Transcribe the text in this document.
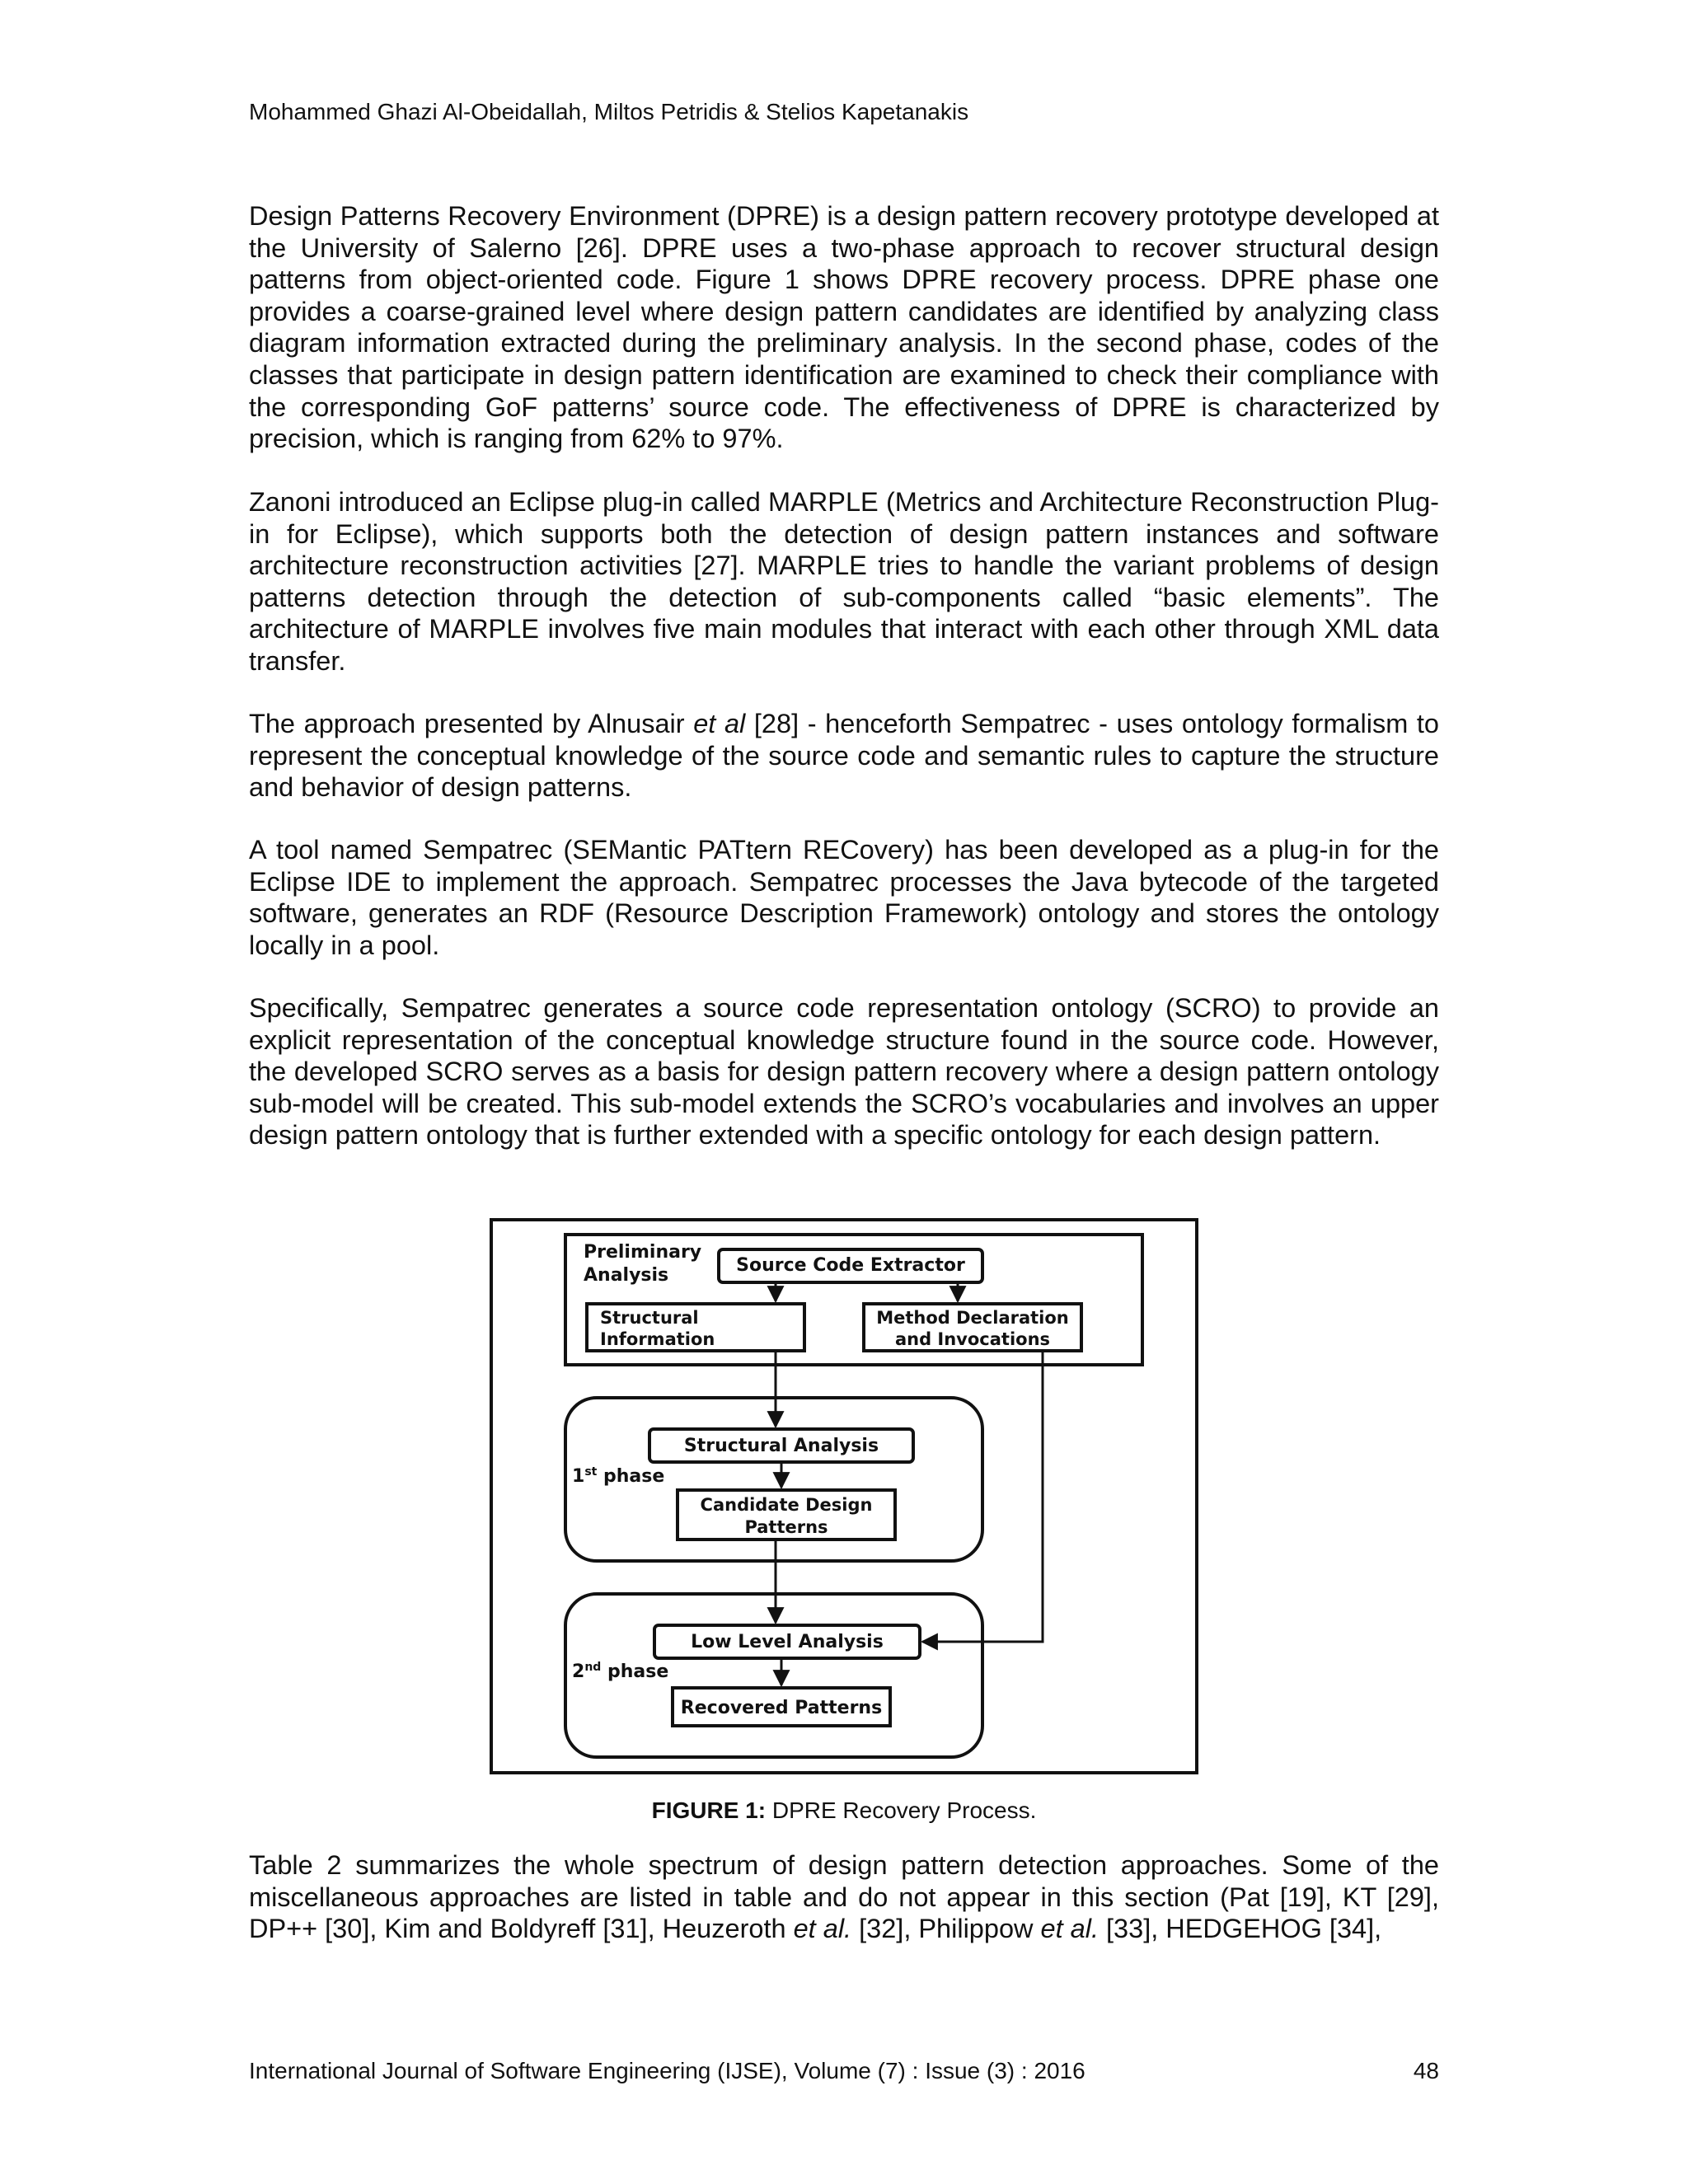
Mohammed Ghazi Al-Obeidallah, Miltos Petridis & Stelios Kapetanakis

Design Patterns Recovery Environment (DPRE) is a design pattern recovery prototype developed at the University of Salerno [26]. DPRE uses a two-phase approach to recover structural design patterns from object-oriented code. Figure 1 shows DPRE recovery process. DPRE phase one provides a coarse-grained level where design pattern candidates are identified by analyzing class diagram information extracted during the preliminary analysis. In the second phase, codes of the classes that participate in design pattern identification are examined to check their compliance with the corresponding GoF patterns’ source code. The effectiveness of DPRE is characterized by precision, which is ranging from 62% to 97%.

Zanoni introduced an Eclipse plug-in called MARPLE (Metrics and Architecture Reconstruction Plug-in for Eclipse), which supports both the detection of design pattern instances and software architecture reconstruction activities [27]. MARPLE tries to handle the variant problems of design patterns detection through the detection of sub-components called “basic elements”. The architecture of MARPLE involves five main modules that interact with each other through XML data transfer.

The approach presented by Alnusair et al [28] - henceforth Sempatrec - uses ontology formalism to represent the conceptual knowledge of the source code and semantic rules to capture the structure and behavior of design patterns.

A tool named Sempatrec (SEMantic PATtern RECovery) has been developed as a plug-in for the Eclipse IDE to implement the approach. Sempatrec processes the Java bytecode of the targeted software, generates an RDF (Resource Description Framework) ontology and stores the ontology locally in a pool.

Specifically, Sempatrec generates a source code representation ontology (SCRO) to provide an explicit representation of the conceptual knowledge structure found in the source code. However, the developed SCRO serves as a basis for design pattern recovery where a design pattern ontology sub-model will be created. This sub-model extends the SCRO’s vocabularies and involves an upper design pattern ontology that is further extended with a specific ontology for each design pattern.

Preliminary
Analysis	Source Code Extractor
Structural
Information
Method Declaration
and Invocations
1st phase
Structural Analysis
Candidate Design
Patterns
2nd phase
Low Level Analysis
Recovered Patterns
FIGURE 1: DPRE Recovery Process.

Table 2 summarizes the whole spectrum of design pattern detection approaches. Some of the miscellaneous approaches are listed in table and do not appear in this section (Pat [19], KT [29], DP++ [30], Kim and Boldyreff [31], Heuzeroth et al. [32], Philippow et al. [33], HEDGEHOG [34],

International Journal of Software Engineering (IJSE), Volume (7) : Issue (3) : 2016	48
